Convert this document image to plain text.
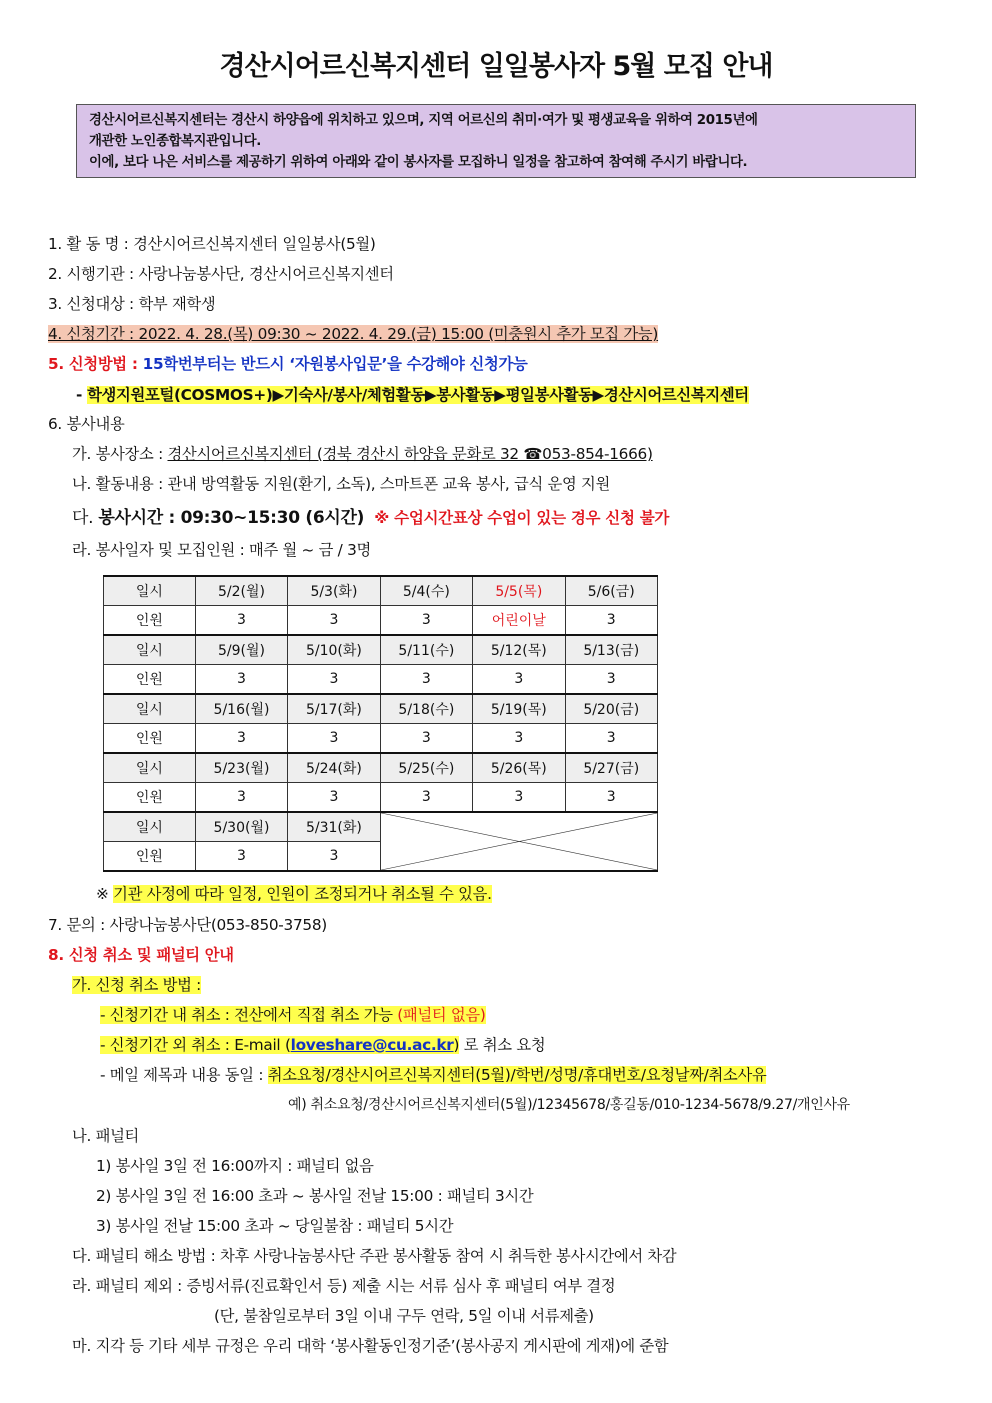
경산시어르신복지센터 일일봉사자 5월 모집 안내
경산시어르신복지센터는 경산시 하양읍에 위치하고 있으며, 지역 어르신의 취미·여가 및 평생교육을 위하여 2015년에
개관한 노인종합복지관입니다.
이에, 보다 나은 서비스를 제공하기 위하여 아래와 같이 봉사자를 모집하니 일정을 참고하여 참여해 주시기 바랍니다.
1. 활 동 명 : 경산시어르신복지센터 일일봉사(5월)
2. 시행기관 : 사랑나눔봉사단, 경산시어르신복지센터
3. 신청대상 : 학부 재학생
4. 신청기간 : 2022. 4. 28.(목) 09:30 ~ 2022. 4. 29.(금) 15:00 (미충원시 추가 모집 가능)
5. 신청방법 : 15학번부터는 반드시 ‘자원봉사입문’을 수강해야 신청가능
- 학생지원포털(COSMOS+)▶기숙사/봉사/체험활동▶봉사활동▶평일봉사활동▶경산시어르신복지센터
6. 봉사내용
가. 봉사장소 : 경산시어르신복지센터 (경북 경산시 하양읍 문화로 32 ☎053-854-1666)
나. 활동내용 : 관내 방역활동 지원(환기, 소독), 스마트폰 교육 봉사, 급식 운영 지원
다. 봉사시간 : 09:30~15:30 (6시간) ※ 수업시간표상 수업이 있는 경우 신청 불가
라. 봉사일자 및 모집인원 : 매주 월 ~ 금 / 3명
일시	5/2(월)	5/3(화)	5/4(수)	5/5(목)	5/6(금)
인원	3	3	3	어린이날	3
일시	5/9(월)	5/10(화)	5/11(수)	5/12(목)	5/13(금)
인원	3	3	3	3	3
일시	5/16(월)	5/17(화)	5/18(수)	5/19(목)	5/20(금)
인원	3	3	3	3	3
일시	5/23(월)	5/24(화)	5/25(수)	5/26(목)	5/27(금)
인원	3	3	3	3	3
일시	5/30(월)	5/31(화)	

인원	3	3			
※ 기관 사정에 따라 일정, 인원이 조정되거나 취소될 수 있음.
7. 문의 : 사랑나눔봉사단(053-850-3758)
8. 신청 취소 및 패널티 안내
가. 신청 취소 방법 :
- 신청기간 내 취소 : 전산에서 직접 취소 가능 (패널티 없음)
- 신청기간 외 취소 : E-mail (loveshare@cu.ac.kr) 로 취소 요청
- 메일 제목과 내용 동일 : 취소요청/경산시어르신복지센터(5월)/학번/성명/휴대번호/요청날짜/취소사유
예) 취소요청/경산시어르신복지센터(5월)/12345678/홍길동/010-1234-5678/9.27/개인사유
나. 패널티
1) 봉사일 3일 전 16:00까지 : 패널티 없음
2) 봉사일 3일 전 16:00 초과 ~ 봉사일 전날 15:00 : 패널티 3시간
3) 봉사일 전날 15:00 초과 ~ 당일불참 : 패널티 5시간
다. 패널티 해소 방법 : 차후 사랑나눔봉사단 주관 봉사활동 참여 시 취득한 봉사시간에서 차감
라. 패널티 제외 : 증빙서류(진료확인서 등) 제출 시는 서류 심사 후 패널티 여부 결정
(단, 불참일로부터 3일 이내 구두 연락, 5일 이내 서류제출)
마. 지각 등 기타 세부 규정은 우리 대학 ‘봉사활동인정기준’(봉사공지 게시판에 게재)에 준함
